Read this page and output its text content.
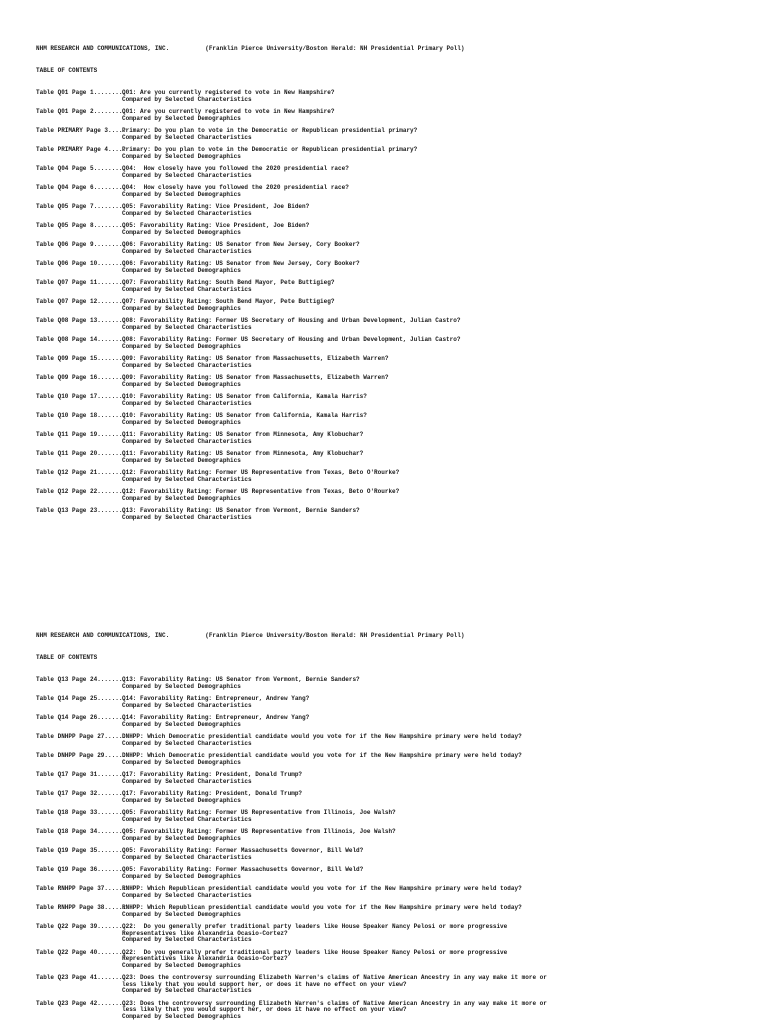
NHM RESEARCH AND COMMUNICATIONS, INC.          (Franklin Pierce University/Boston Herald: NH Presidential Primary Poll)
TABLE OF CONTENTS
Table Q01 Page 1.........
Q01: Are you currently registered to vote in New Hampshire?
Compared by Selected Characteristics
Table Q01 Page 2.........
Q01: Are you currently registered to vote in New Hampshire?
Compared by Selected Demographics
Table PRIMARY Page 3.....
Primary: Do you plan to vote in the Democratic or Republican presidential primary?
Compared by Selected Characteristics
Table PRIMARY Page 4.....
Primary: Do you plan to vote in the Democratic or Republican presidential primary?
Compared by Selected Demographics
Table Q04 Page 5.........
Q04:  How closely have you followed the 2020 presidential race?
Compared by Selected Characteristics
Table Q04 Page 6.........
Q04:  How closely have you followed the 2020 presidential race?
Compared by Selected Demographics
Table Q05 Page 7.........
Q05: Favorability Rating: Vice President, Joe Biden?
Compared by Selected Characteristics
Table Q05 Page 8.........
Q05: Favorability Rating: Vice President, Joe Biden?
Compared by Selected Demographics
Table Q06 Page 9.........
Q06: Favorability Rating: US Senator from New Jersey, Cory Booker?
Compared by Selected Characteristics
Table Q06 Page 10........
Q06: Favorability Rating: US Senator from New Jersey, Cory Booker?
Compared by Selected Demographics
Table Q07 Page 11........
Q07: Favorability Rating: South Bend Mayor, Pete Buttigieg?
Compared by Selected Characteristics
Table Q07 Page 12........
Q07: Favorability Rating: South Bend Mayor, Pete Buttigieg?
Compared by Selected Demographics
Table Q08 Page 13........
Q08: Favorability Rating: Former US Secretary of Housing and Urban Development, Julian Castro?
Compared by Selected Characteristics
Table Q08 Page 14........
Q08: Favorability Rating: Former US Secretary of Housing and Urban Development, Julian Castro?
Compared by Selected Demographics
Table Q09 Page 15........
Q09: Favorability Rating: US Senator from Massachusetts, Elizabeth Warren?
Compared by Selected Characteristics
Table Q09 Page 16........
Q09: Favorability Rating: US Senator from Massachusetts, Elizabeth Warren?
Compared by Selected Demographics
Table Q10 Page 17........
Q10: Favorability Rating: US Senator from California, Kamala Harris?
Compared by Selected Characteristics
Table Q10 Page 18........
Q10: Favorability Rating: US Senator from California, Kamala Harris?
Compared by Selected Demographics
Table Q11 Page 19........
Q11: Favorability Rating: US Senator from Minnesota, Amy Klobuchar?
Compared by Selected Characteristics
Table Q11 Page 20........
Q11: Favorability Rating: US Senator from Minnesota, Amy Klobuchar?
Compared by Selected Demographics
Table Q12 Page 21........
Q12: Favorability Rating: Former US Representative from Texas, Beto O'Rourke?
Compared by Selected Characteristics
Table Q12 Page 22........
Q12: Favorability Rating: Former US Representative from Texas, Beto O'Rourke?
Compared by Selected Demographics
Table Q13 Page 23........
Q13: Favorability Rating: US Senator from Vermont, Bernie Sanders?
Compared by Selected Characteristics
NHM RESEARCH AND COMMUNICATIONS, INC.          (Franklin Pierce University/Boston Herald: NH Presidential Primary Poll)
TABLE OF CONTENTS
Table Q13 Page 24........
Q13: Favorability Rating: US Senator from Vermont, Bernie Sanders?
Compared by Selected Demographics
Table Q14 Page 25........
Q14: Favorability Rating: Entrepreneur, Andrew Yang?
Compared by Selected Characteristics
Table Q14 Page 26........
Q14: Favorability Rating: Entrepreneur, Andrew Yang?
Compared by Selected Demographics
Table DNHPP Page 27......
DNHPP: Which Democratic presidential candidate would you vote for if the New Hampshire primary were held today?
Compared by Selected Characteristics
Table DNHPP Page 29......
DNHPP: Which Democratic presidential candidate would you vote for if the New Hampshire primary were held today?
Compared by Selected Demographics
Table Q17 Page 31........
Q17: Favorability Rating: President, Donald Trump?
Compared by Selected Characteristics
Table Q17 Page 32........
Q17: Favorability Rating: President, Donald Trump?
Compared by Selected Demographics
Table Q18 Page 33........
Q05: Favorability Rating: Former US Representative from Illinois, Joe Walsh?
Compared by Selected Characteristics
Table Q18 Page 34........
Q05: Favorability Rating: Former US Representative from Illinois, Joe Walsh?
Compared by Selected Demographics
Table Q19 Page 35........
Q05: Favorability Rating: Former Massachusetts Governor, Bill Weld?
Compared by Selected Characteristics
Table Q19 Page 36........
Q05: Favorability Rating: Former Massachusetts Governor, Bill Weld?
Compared by Selected Demographics
Table RNHPP Page 37......
RNHPP: Which Republican presidential candidate would you vote for if the New Hampshire primary were held today?
Compared by Selected Characteristics
Table RNHPP Page 38......
RNHPP: Which Republican presidential candidate would you vote for if the New Hampshire primary were held today?
Compared by Selected Demographics
Table Q22 Page 39........
Q22:  Do you generally prefer traditional party leaders like House Speaker Nancy Pelosi or more progressive
Representatives like Alexandria Ocasio-Cortez?
Compared by Selected Characteristics
Table Q22 Page 40........
Q22:  Do you generally prefer traditional party leaders like House Speaker Nancy Pelosi or more progressive
Representatives like Alexandria Ocasio-Cortez?
Compared by Selected Demographics
Table Q23 Page 41........
Q23: Does the controversy surrounding Elizabeth Warren's claims of Native American Ancestry in any way make it more or
less likely that you would support her, or does it have no effect on your view?
Compared by Selected Characteristics
Table Q23 Page 42........
Q23: Does the controversy surrounding Elizabeth Warren's claims of Native American Ancestry in any way make it more or
less likely that you would support her, or does it have no effect on your view?
Compared by Selected Demographics
